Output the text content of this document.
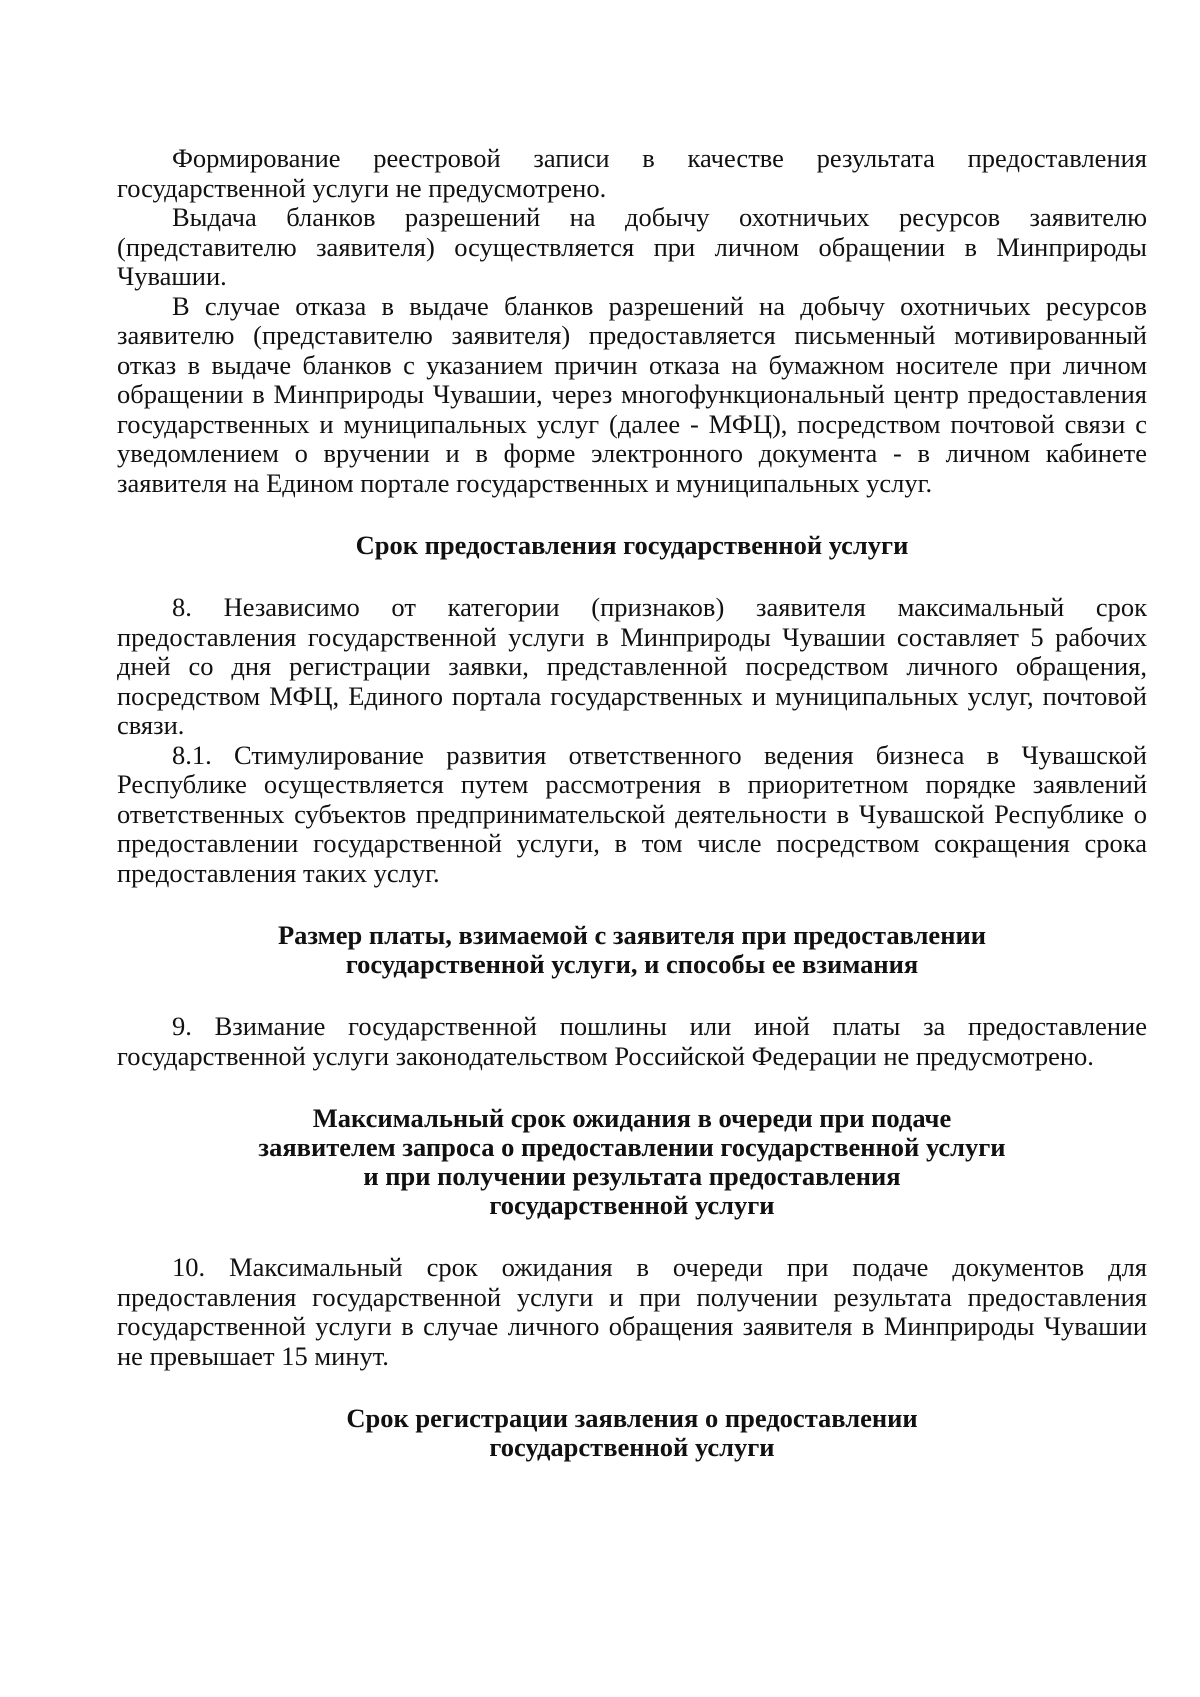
Формирование реестровой записи в качестве результата предоставления государственной услуги не предусмотрено.

Выдача бланков разрешений на добычу охотничьих ресурсов заявителю (представителю заявителя) осуществляется при личном обращении в Минприроды Чувашии.

В случае отказа в выдаче бланков разрешений на добычу охотничьих ресурсов заявителю (представителю заявителя) предоставляется письменный мотивированный отказ в выдаче бланков с указанием причин отказа на бумажном носителе при личном обращении в Минприроды Чувашии, через многофункциональный центр предоставления государственных и муниципальных услуг (далее - МФЦ), посредством почтовой связи с уведомлением о вручении и в форме электронного документа - в личном кабинете заявителя на Едином портале государственных и муниципальных услуг.

Срок предоставления государственной услуги

8. Независимо от категории (признаков) заявителя максимальный срок предоставления государственной услуги в Минприроды Чувашии составляет 5 рабочих дней со дня регистрации заявки, представленной посредством личного обращения, посредством МФЦ, Единого портала государственных и муниципальных услуг, почтовой связи.

8.1. Стимулирование развития ответственного ведения бизнеса в Чувашской Республике осуществляется путем рассмотрения в приоритетном порядке заявлений ответственных субъектов предпринимательской деятельности в Чувашской Республике о предоставлении государственной услуги, в том числе посредством сокращения срока предоставления таких услуг.

Размер платы, взимаемой с заявителя при предоставлении
государственной услуги, и способы ее взимания

9. Взимание государственной пошлины или иной платы за предоставление государственной услуги законодательством Российской Федерации не предусмотрено.

Максимальный срок ожидания в очереди при подаче
заявителем запроса о предоставлении государственной услуги
и при получении результата предоставления
государственной услуги

10. Максимальный срок ожидания в очереди при подаче документов для предоставления государственной услуги и при получении результата предоставления государственной услуги в случае личного обращения заявителя в Минприроды Чувашии не превышает 15 минут.

Срок регистрации заявления о предоставлении
государственной услуги
